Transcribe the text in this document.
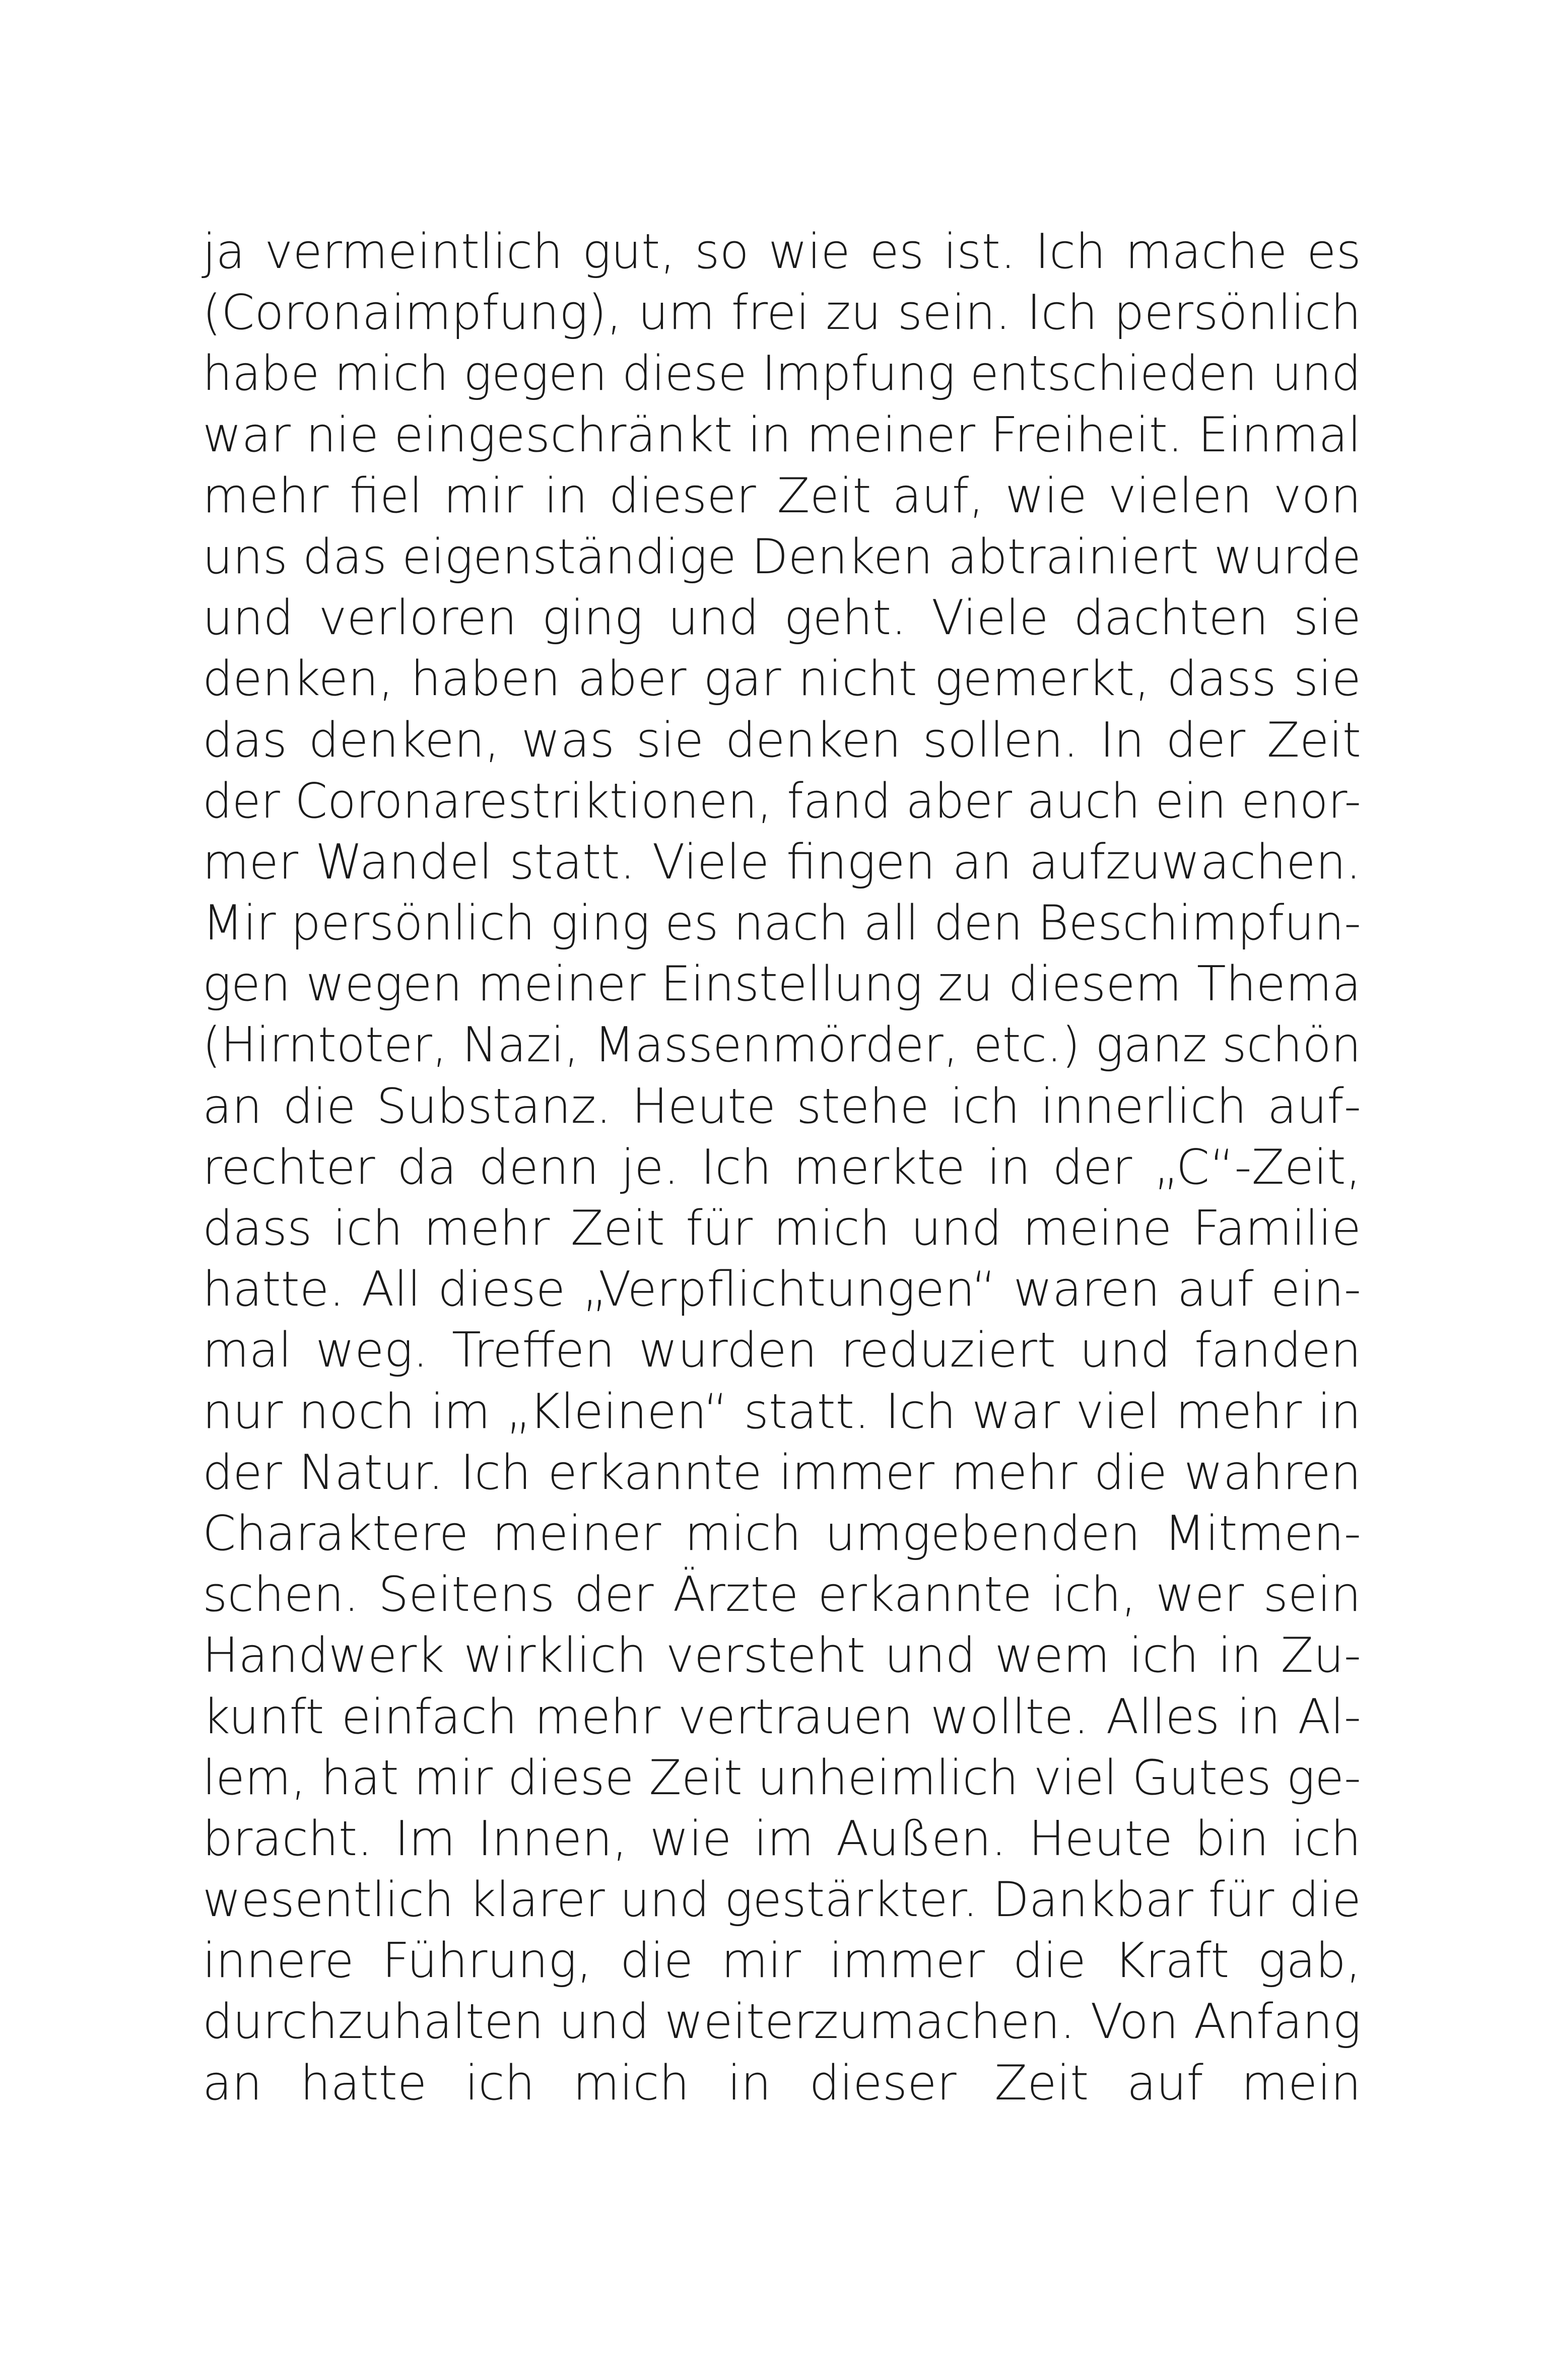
ja vermeintlich gut, so wie es ist. Ich mache es
(Coronaimpfung), um frei zu sein. Ich persönlich
habe mich gegen diese Impfung entschieden und
war nie eingeschränkt in meiner Freiheit. Einmal
mehr fiel mir in dieser Zeit auf, wie vielen von
uns das eigenständige Denken abtrainiert wurde
und verloren ging und geht. Viele dachten sie
denken, haben aber gar nicht gemerkt, dass sie
das denken, was sie denken sollen. In der Zeit
der Coronarestriktionen, fand aber auch ein enor-
mer Wandel statt. Viele fingen an aufzuwachen.
Mir persönlich ging es nach all den Beschimpfun-
gen wegen meiner Einstellung zu diesem Thema
(Hirntoter, Nazi, Massenmörder, etc.) ganz schön
an die Substanz. Heute stehe ich innerlich auf-
rechter da denn je. Ich merkte in der „C“-Zeit,
dass ich mehr Zeit für mich und meine Familie
hatte. All diese „Verpflichtungen“ waren auf ein-
mal weg. Treffen wurden reduziert und fanden
nur noch im „Kleinen“ statt. Ich war viel mehr in
der Natur. Ich erkannte immer mehr die wahren
Charaktere meiner mich umgebenden Mitmen-
schen. Seitens der Ärzte erkannte ich, wer sein
Handwerk wirklich versteht und wem ich in Zu-
kunft einfach mehr vertrauen wollte. Alles in Al-
lem, hat mir diese Zeit unheimlich viel Gutes ge-
bracht. Im Innen, wie im Außen. Heute bin ich
wesentlich klarer und gestärkter. Dankbar für die
innere Führung, die mir immer die Kraft gab,
durchzuhalten und weiterzumachen. Von Anfang
an hatte ich mich in dieser Zeit auf mein
